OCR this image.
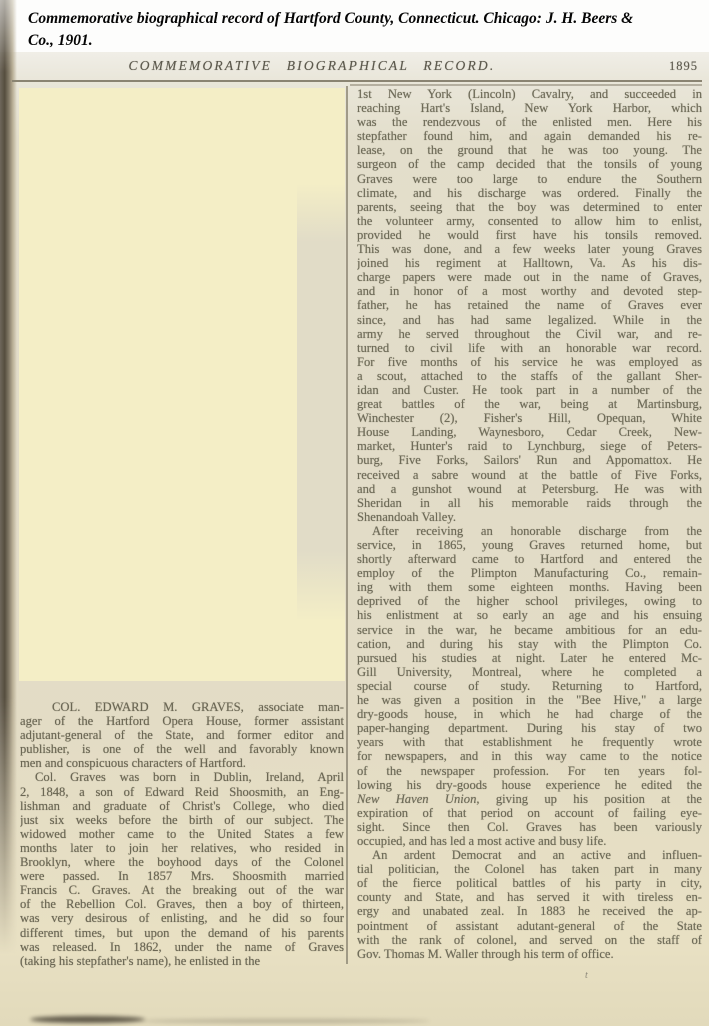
Commemorative biographical record of Hartford County, Connecticut. Chicago: J. H. Beers &
Co., 1901.
COMMEMORATIVE BIOGRAPHICAL RECORD.	1895
COL. EDWARD M. GRAVES, associate man-
ager of the Hartford Opera House, former assistant
adjutant-general of the State, and former editor and
publisher, is one of the well and favorably known
men and conspicuous characters of Hartford.
Col. Graves was born in Dublin, Ireland, April
2, 1848, a son of Edward Reid Shoosmith, an Eng-
lishman and graduate of Christ's College, who died
just six weeks before the birth of our subject. The
widowed mother came to the United States a few
months later to join her relatives, who resided in
Brooklyn, where the boyhood days of the Colonel
were passed. In 1857 Mrs. Shoosmith married
Francis C. Graves. At the breaking out of the war
of the Rebellion Col. Graves, then a boy of thirteen,
was very desirous of enlisting, and he did so four
different times, but upon the demand of his parents
was released. In 1862, under the name of Graves
(taking his stepfather's name), he enlisted in the
1st New York (Lincoln) Cavalry, and succeeded in
reaching Hart's Island, New York Harbor, which
was the rendezvous of the enlisted men. Here his
stepfather found him, and again demanded his re-
lease, on the ground that he was too young. The
surgeon of the camp decided that the tonsils of young
Graves were too large to endure the Southern
climate, and his discharge was ordered. Finally the
parents, seeing that the boy was determined to enter
the volunteer army, consented to allow him to enlist,
provided he would first have his tonsils removed.
This was done, and a few weeks later young Graves
joined his regiment at Halltown, Va. As his dis-
charge papers were made out in the name of Graves,
and in honor of a most worthy and devoted step-
father, he has retained the name of Graves ever
since, and has had same legalized. While in the
army he served throughout the Civil war, and re-
turned to civil life with an honorable war record.
For five months of his service he was employed as
a scout, attached to the staffs of the gallant Sher-
idan and Custer. He took part in a number of the
great battles of the war, being at Martinsburg,
Winchester (2), Fisher's Hill, Opequan, White
House Landing, Waynesboro, Cedar Creek, New-
market, Hunter's raid to Lynchburg, siege of Peters-
burg, Five Forks, Sailors' Run and Appomattox. He
received a sabre wound at the battle of Five Forks,
and a gunshot wound at Petersburg. He was with
Sheridan in all his memorable raids through the
Shenandoah Valley.
After receiving an honorable discharge from the
service, in 1865, young Graves returned home, but
shortly afterward came to Hartford and entered the
employ of the Plimpton Manufacturing Co., remain-
ing with them some eighteen months. Having been
deprived of the higher school privileges, owing to
his enlistment at so early an age and his ensuing
service in the war, he became ambitious for an edu-
cation, and during his stay with the Plimpton Co.
pursued his studies at night. Later he entered Mc-
Gill University, Montreal, where he completed a
special course of study. Returning to Hartford,
he was given a position in the "Bee Hive," a large
dry-goods house, in which he had charge of the
paper-hanging department. During his stay of two
years with that establishment he frequently wrote
for newspapers, and in this way came to the notice
of the newspaper profession. For ten years fol-
lowing his dry-goods house experience he edited the
New Haven Union, giving up his position at the
expiration of that period on account of failing eye-
sight. Since then Col. Graves has been variously
occupied, and has led a most active and busy life.
An ardent Democrat and an active and influen-
tial politician, the Colonel has taken part in many
of the fierce political battles of his party in city,
county and State, and has served it with tireless en-
ergy and unabated zeal. In 1883 he received the ap-
pointment of assistant adutant-general of the State
with the rank of colonel, and served on the staff of
Gov. Thomas M. Waller through his term of office.
t
